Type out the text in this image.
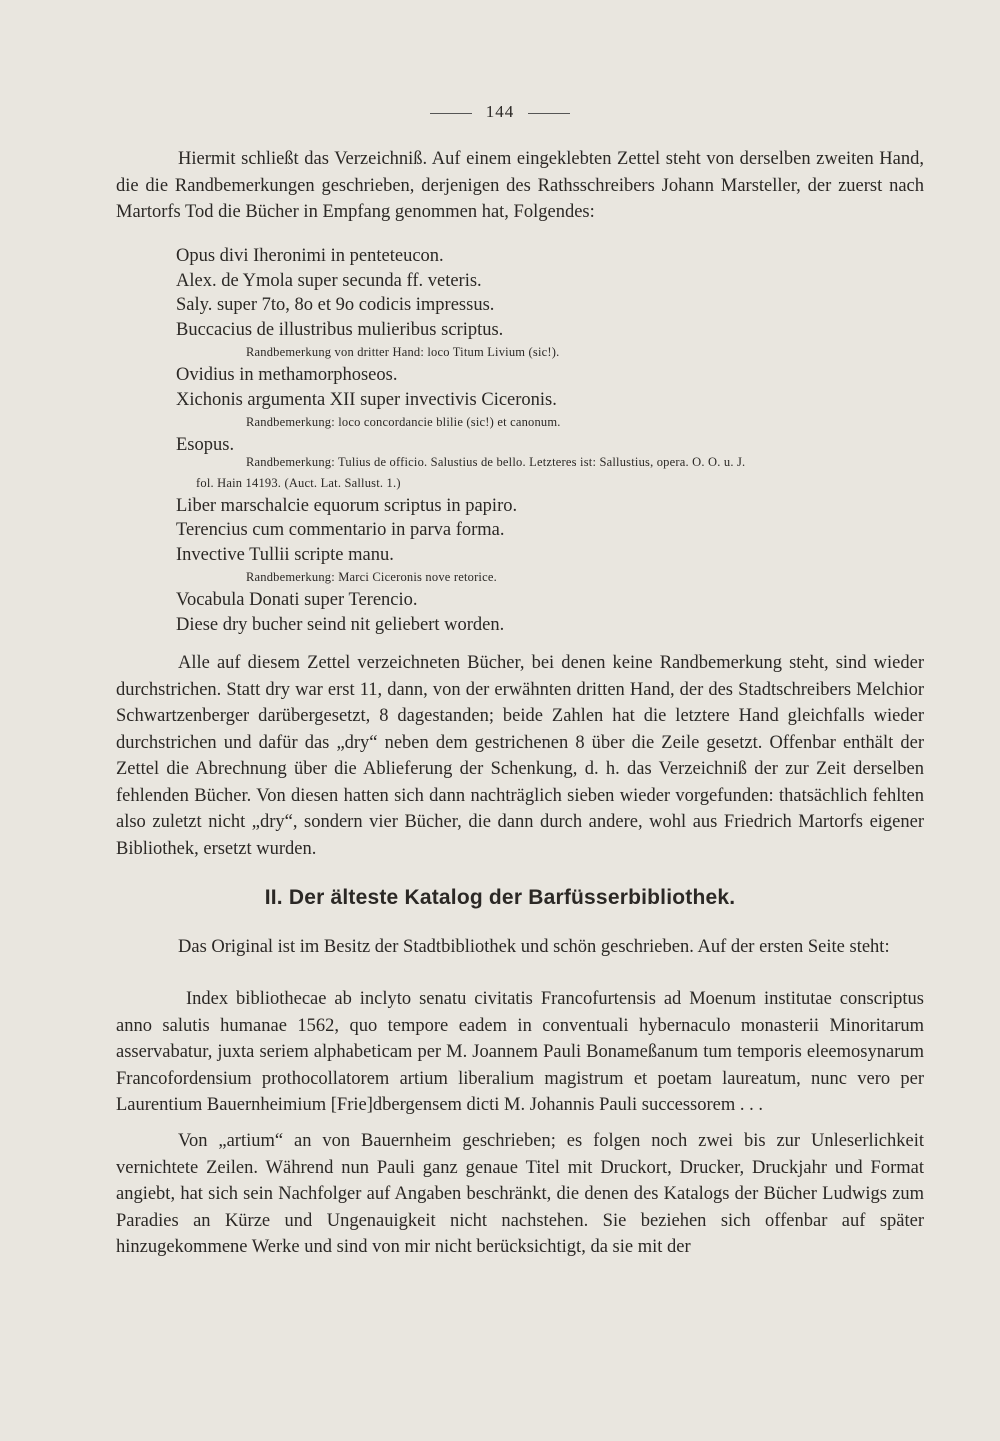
144
Hiermit schließt das Verzeichniß. Auf einem eingeklebten Zettel steht von derselben zweiten Hand, die die Randbemerkungen geschrieben, derjenigen des Rathsschreibers Johann Marsteller, der zuerst nach Martorfs Tod die Bücher in Empfang genommen hat, Folgendes:
Opus divi Iheronimi in penteteucon.
Alex. de Ymola super secunda ff. veteris.
Saly. super 7to, 8o et 9o codicis impressus.
Buccacius de illustribus mulieribus scriptus.
Randbemerkung von dritter Hand: loco Titum Livium (sic!).
Ovidius in methamorphoseos.
Xichonis argumenta XII super invectivis Ciceronis.
Randbemerkung: loco concordancie blilie (sic!) et canonum.
Esopus.
Randbemerkung: Tulius de officio. Salustius de bello. Letzteres ist: Sallustius, opera. O. O. u. J.
fol. Hain 14193. (Auct. Lat. Sallust. 1.)
Liber marschalcie equorum scriptus in papiro.
Terencius cum commentario in parva forma.
Invective Tullii scripte manu.
Randbemerkung: Marci Ciceronis nove retorice.
Vocabula Donati super Terencio.
Diese dry bucher seind nit geliebert worden.
Alle auf diesem Zettel verzeichneten Bücher, bei denen keine Randbemerkung steht, sind wieder durchstrichen. Statt dry war erst 11, dann, von der erwähnten dritten Hand, der des Stadtschreibers Melchior Schwartzenberger darübergesetzt, 8 dagestanden; beide Zahlen hat die letztere Hand gleichfalls wieder durchstrichen und dafür das „dry“ neben dem gestrichenen 8 über die Zeile gesetzt. Offenbar enthält der Zettel die Abrechnung über die Ablieferung der Schenkung, d. h. das Verzeichniß der zur Zeit derselben fehlenden Bücher. Von diesen hatten sich dann nachträglich sieben wieder vorgefunden: thatsächlich fehlten also zuletzt nicht „dry“, sondern vier Bücher, die dann durch andere, wohl aus Friedrich Martorfs eigener Bibliothek, ersetzt wurden.
II. Der älteste Katalog der Barfüsserbibliothek.
Das Original ist im Besitz der Stadtbibliothek und schön geschrieben. Auf der ersten Seite steht:
Index bibliothecae ab inclyto senatu civitatis Francofurtensis ad Moenum institutae conscriptus anno salutis humanae 1562, quo tempore eadem in conventuali hybernaculo monasterii Minoritarum asservabatur, juxta seriem alphabeticam per M. Joannem Pauli Bonameßanum tum temporis eleemosynarum Francofordensium prothocollatorem artium liberalium magistrum et poetam laureatum, nunc vero per Laurentium Bauernheimium [Frie]dbergensem dicti M. Johannis Pauli successorem . . .
Von „artium“ an von Bauernheim geschrieben; es folgen noch zwei bis zur Unleserlichkeit vernichtete Zeilen. Während nun Pauli ganz genaue Titel mit Druckort, Drucker, Druckjahr und Format angiebt, hat sich sein Nachfolger auf Angaben beschränkt, die denen des Katalogs der Bücher Ludwigs zum Paradies an Kürze und Ungenauigkeit nicht nachstehen. Sie beziehen sich offenbar auf später hinzugekommene Werke und sind von mir nicht berücksichtigt, da sie mit der
